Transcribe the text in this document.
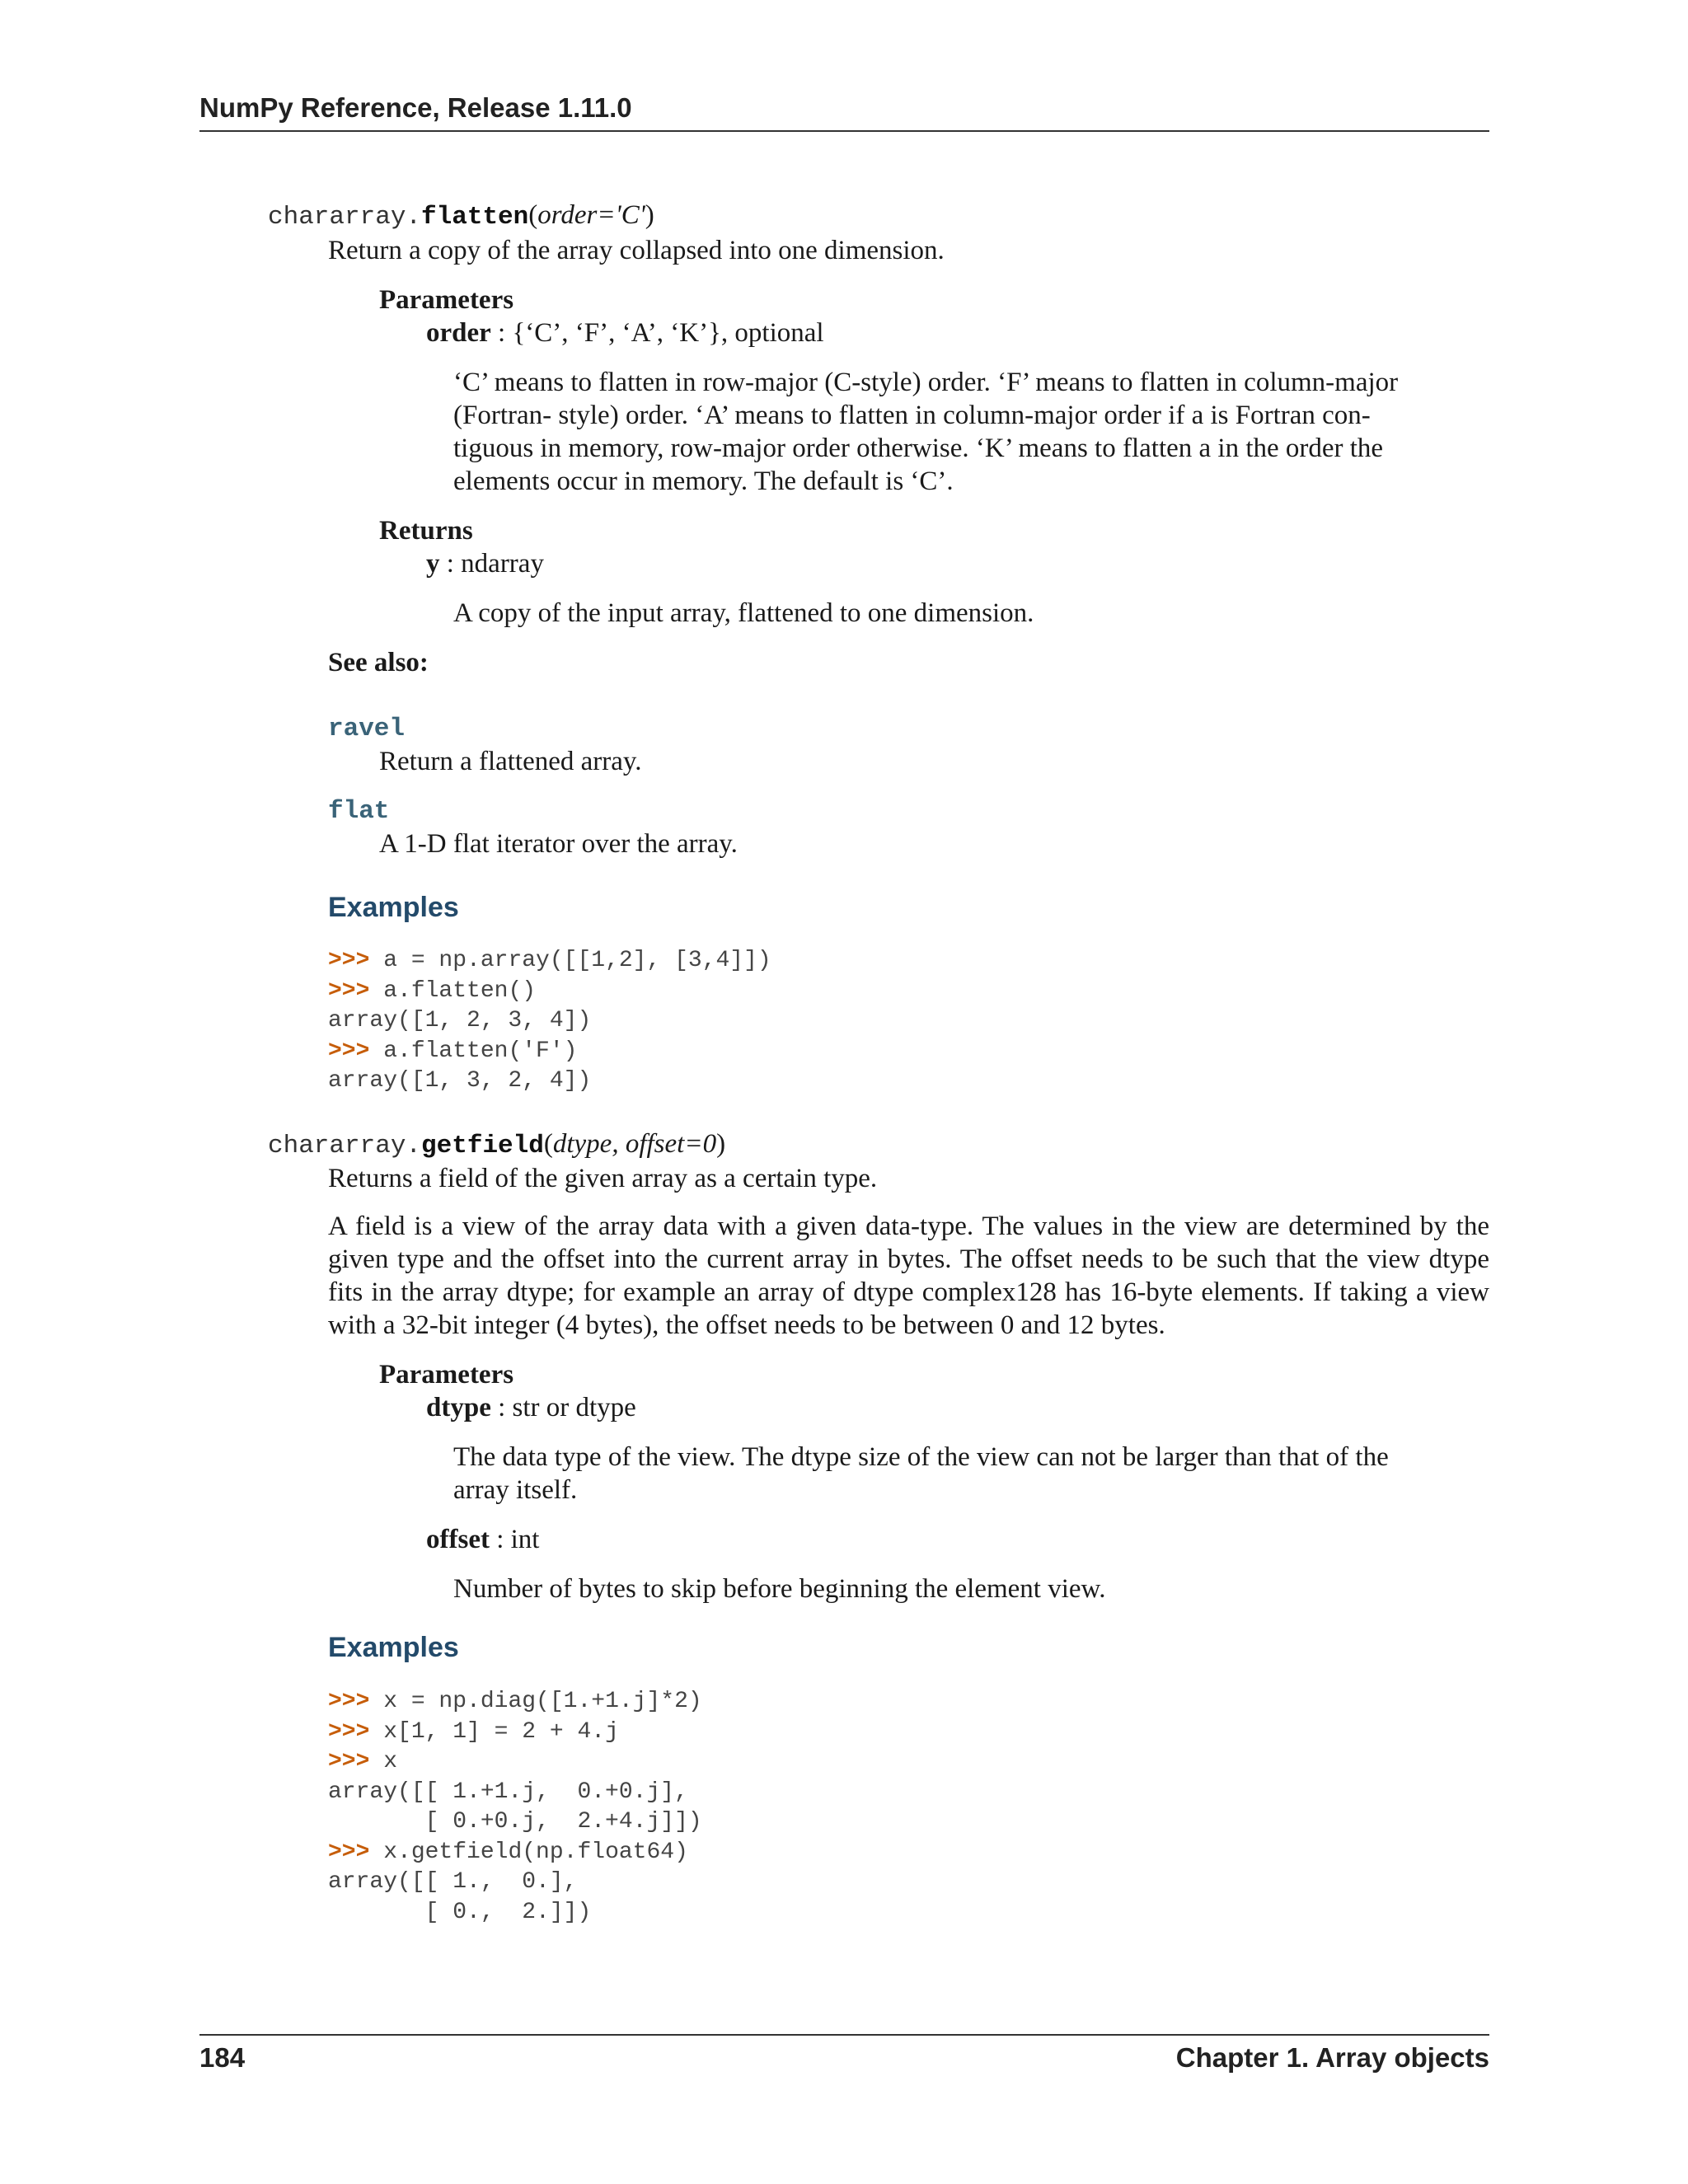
NumPy Reference, Release 1.11.0
chararray.flatten(order='C')
Return a copy of the array collapsed into one dimension.
Parameters
order : {‘C’, ‘F’, ‘A’, ‘K’}, optional
‘C’ means to flatten in row-major (C-style) order. ‘F’ means to flatten in column-major
(Fortran- style) order. ‘A’ means to flatten in column-major order if a is Fortran con-
tiguous in memory, row-major order otherwise. ‘K’ means to flatten a in the order the
elements occur in memory. The default is ‘C’.
Returns
y : ndarray
A copy of the input array, flattened to one dimension.
See also:
ravel
Return a flattened array.
flat
A 1-D flat iterator over the array.
Examples
>>> a = np.array([[1,2], [3,4]])
>>> a.flatten()
array([1, 2, 3, 4])
>>> a.flatten('F')
array([1, 3, 2, 4])
chararray.getfield(dtype, offset=0)
Returns a field of the given array as a certain type.
A field is a view of the array data with a given data-type. The values in the view are determined by the given type and the offset into the current array in bytes. The offset needs to be such that the view dtype fits in the array dtype; for example an array of dtype complex128 has 16-byte elements. If taking a view with a 32-bit integer (4 bytes), the offset needs to be between 0 and 12 bytes.
Parameters
dtype : str or dtype
The data type of the view. The dtype size of the view can not be larger than that of the array itself.
offset : int
Number of bytes to skip before beginning the element view.
Examples
>>> x = np.diag([1.+1.j]*2)
>>> x[1, 1] = 2 + 4.j
>>> x
array([[ 1.+1.j,  0.+0.j],
[ 0.+0.j,  2.+4.j]])
>>> x.getfield(np.float64)
array([[ 1.,  0.],
[ 0.,  2.]])
184	Chapter 1. Array objects
